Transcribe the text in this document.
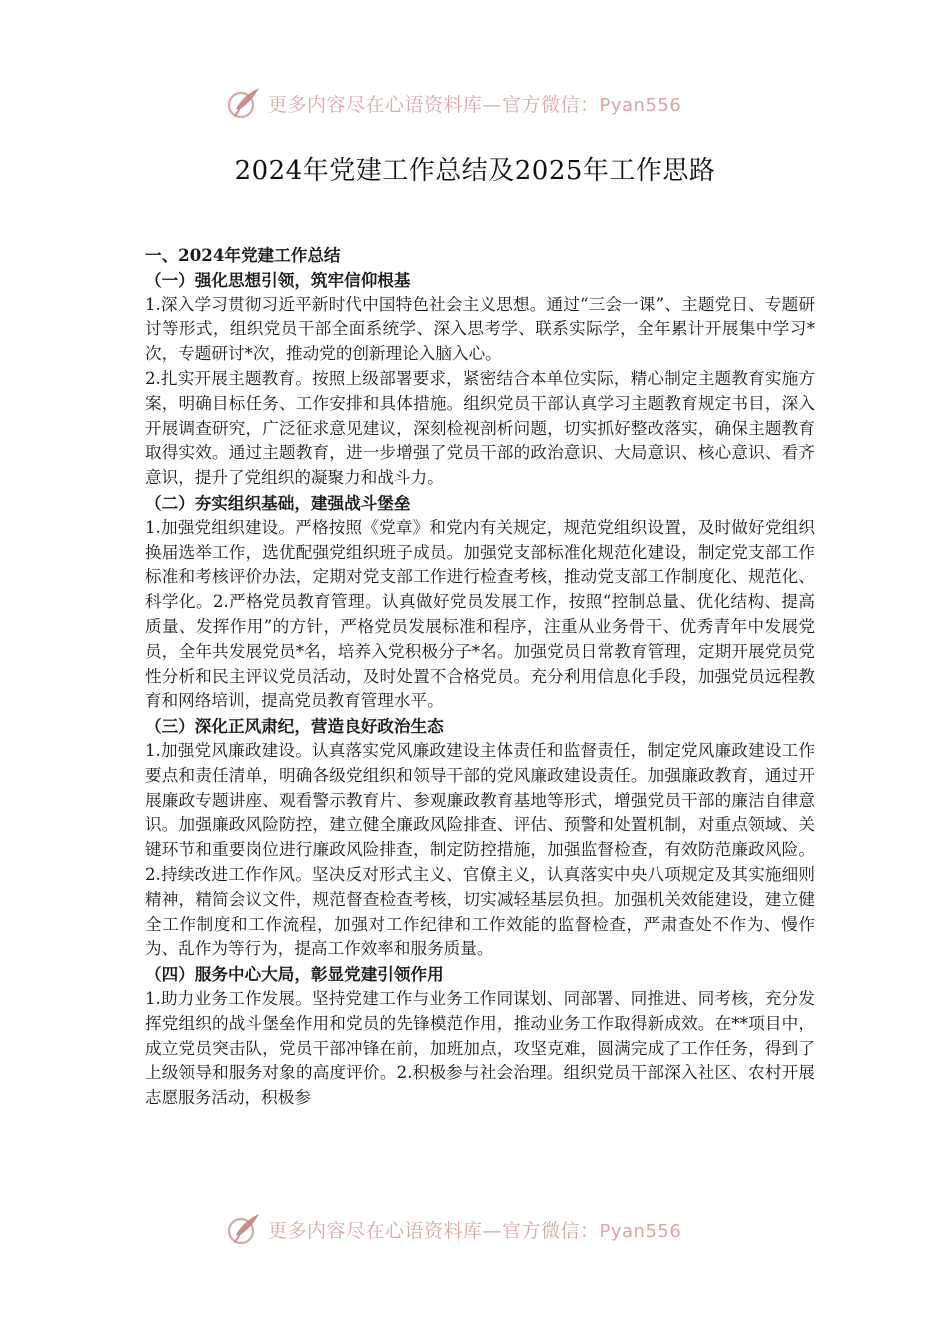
更多内容尽在心语资料库—官方微信：Pyan556
2024年党建工作总结及2025年工作思路

一、2024年党建工作总结

（一）强化思想引领，筑牢信仰根基

1.深入学习贯彻习近平新时代中国特色社会主义思想。通过“三会一课”、主题党日、专题研讨等形式，组织党员干部全面系统学、深入思考学、联系实际学，全年累计开展集中学习*次，专题研讨*次，推动党的创新理论入脑入心。

2.扎实开展主题教育。按照上级部署要求，紧密结合本单位实际，精心制定主题教育实施方案，明确目标任务、工作安排和具体措施。组织党员干部认真学习主题教育规定书目，深入开展调查研究，广泛征求意见建议，深刻检视剖析问题，切实抓好整改落实，确保主题教育取得实效。通过主题教育，进一步增强了党员干部的政治意识、大局意识、核心意识、看齐意识，提升了党组织的凝聚力和战斗力。

（二）夯实组织基础，建强战斗堡垒

1.加强党组织建设。严格按照《党章》和党内有关规定，规范党组织设置，及时做好党组织换届选举工作，选优配强党组织班子成员。加强党支部标准化规范化建设，制定党支部工作标准和考核评价办法，定期对党支部工作进行检查考核，推动党支部工作制度化、规范化、科学化。2.严格党员教育管理。认真做好党员发展工作，按照“控制总量、优化结构、提高质量、发挥作用”的方针，严格党员发展标准和程序，注重从业务骨干、优秀青年中发展党员，全年共发展党员*名，培养入党积极分子*名。加强党员日常教育管理，定期开展党员党性分析和民主评议党员活动，及时处置不合格党员。充分利用信息化手段，加强党员远程教育和网络培训，提高党员教育管理水平。

（三）深化正风肃纪，营造良好政治生态

1.加强党风廉政建设。认真落实党风廉政建设主体责任和监督责任，制定党风廉政建设工作要点和责任清单，明确各级党组织和领导干部的党风廉政建设责任。加强廉政教育，通过开展廉政专题讲座、观看警示教育片、参观廉政教育基地等形式，增强党员干部的廉洁自律意识。加强廉政风险防控，建立健全廉政风险排查、评估、预警和处置机制，对重点领域、关键环节和重要岗位进行廉政风险排查，制定防控措施，加强监督检查，有效防范廉政风险。2.持续改进工作作风。坚决反对形式主义、官僚主义，认真落实中央八项规定及其实施细则精神，精简会议文件，规范督查检查考核，切实减轻基层负担。加强机关效能建设，建立健全工作制度和工作流程，加强对工作纪律和工作效能的监督检查，严肃查处不作为、慢作为、乱作为等行为，提高工作效率和服务质量。

（四）服务中心大局，彰显党建引领作用

1.助力业务工作发展。坚持党建工作与业务工作同谋划、同部署、同推进、同考核，充分发挥党组织的战斗堡垒作用和党员的先锋模范作用，推动业务工作取得新成效。在**项目中，成立党员突击队，党员干部冲锋在前，加班加点，攻坚克难，圆满完成了工作任务，得到了上级领导和服务对象的高度评价。2.积极参与社会治理。组织党员干部深入社区、农村开展志愿服务活动，积极参

更多内容尽在心语资料库—官方微信：Pyan556
